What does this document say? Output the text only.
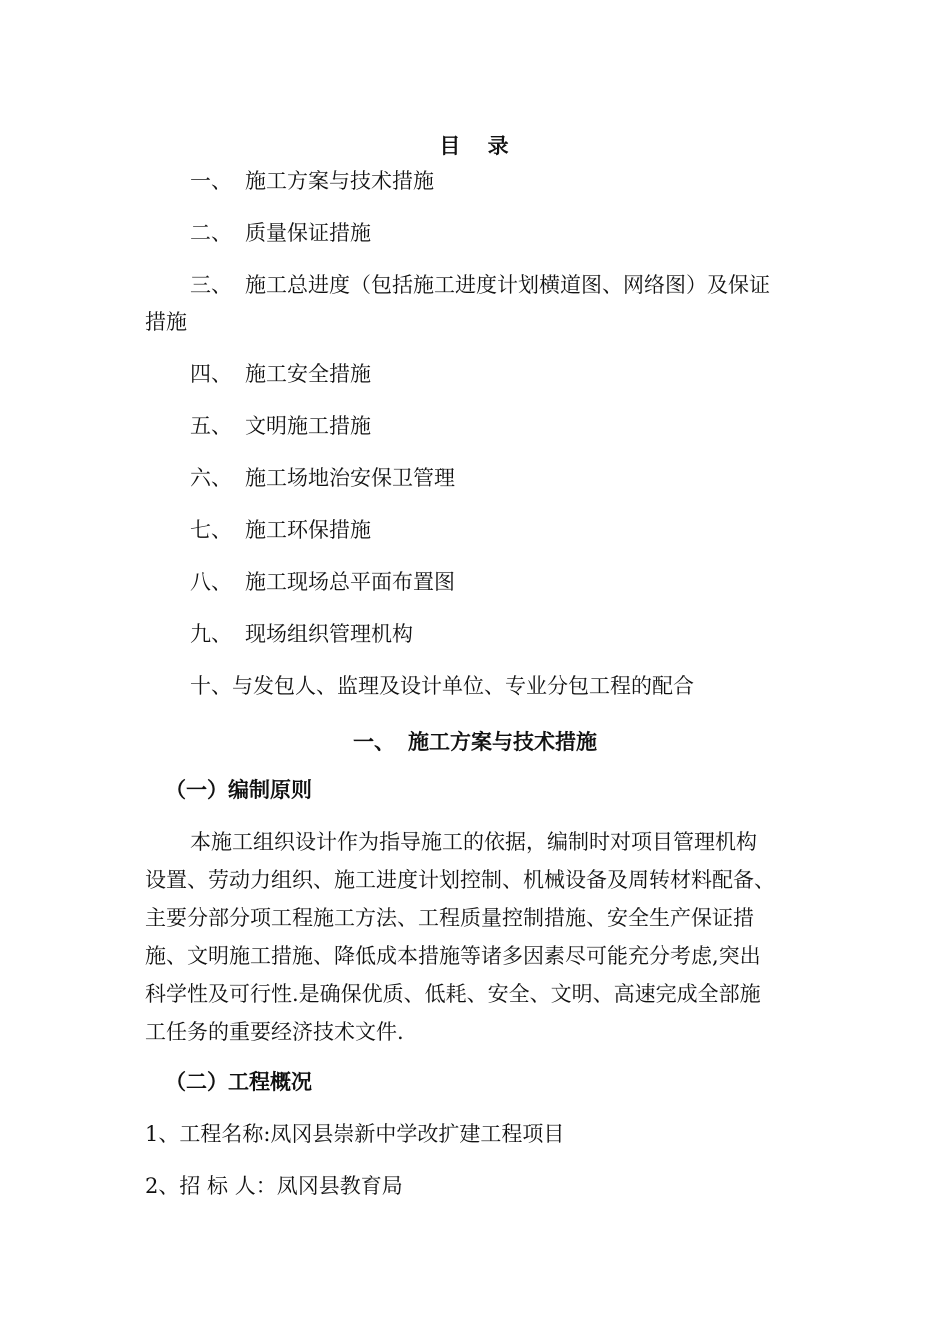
目 录
一、 施工方案与技术措施
二、 质量保证措施
三、 施工总进度（包括施工进度计划横道图、网络图）及保证
措施
四、 施工安全措施
五、 文明施工措施
六、 施工场地治安保卫管理
七、 施工环保措施
八、 施工现场总平面布置图
九、 现场组织管理机构
十、与发包人、监理及设计单位、专业分包工程的配合
一、 施工方案与技术措施
（一）编制原则
本施工组织设计作为指导施工的依据，编制时对项目管理机构
设置、劳动力组织、施工进度计划控制、机械设备及周转材料配备、
主要分部分项工程施工方法、工程质量控制措施、安全生产保证措
施、文明施工措施、降低成本措施等诸多因素尽可能充分考虑,突出
科学性及可行性.是确保优质、低耗、安全、文明、高速完成全部施
工任务的重要经济技术文件.
（二）工程概况
1、工程名称:凤冈县崇新中学改扩建工程项目
2、招 标 人：凤冈县教育局
